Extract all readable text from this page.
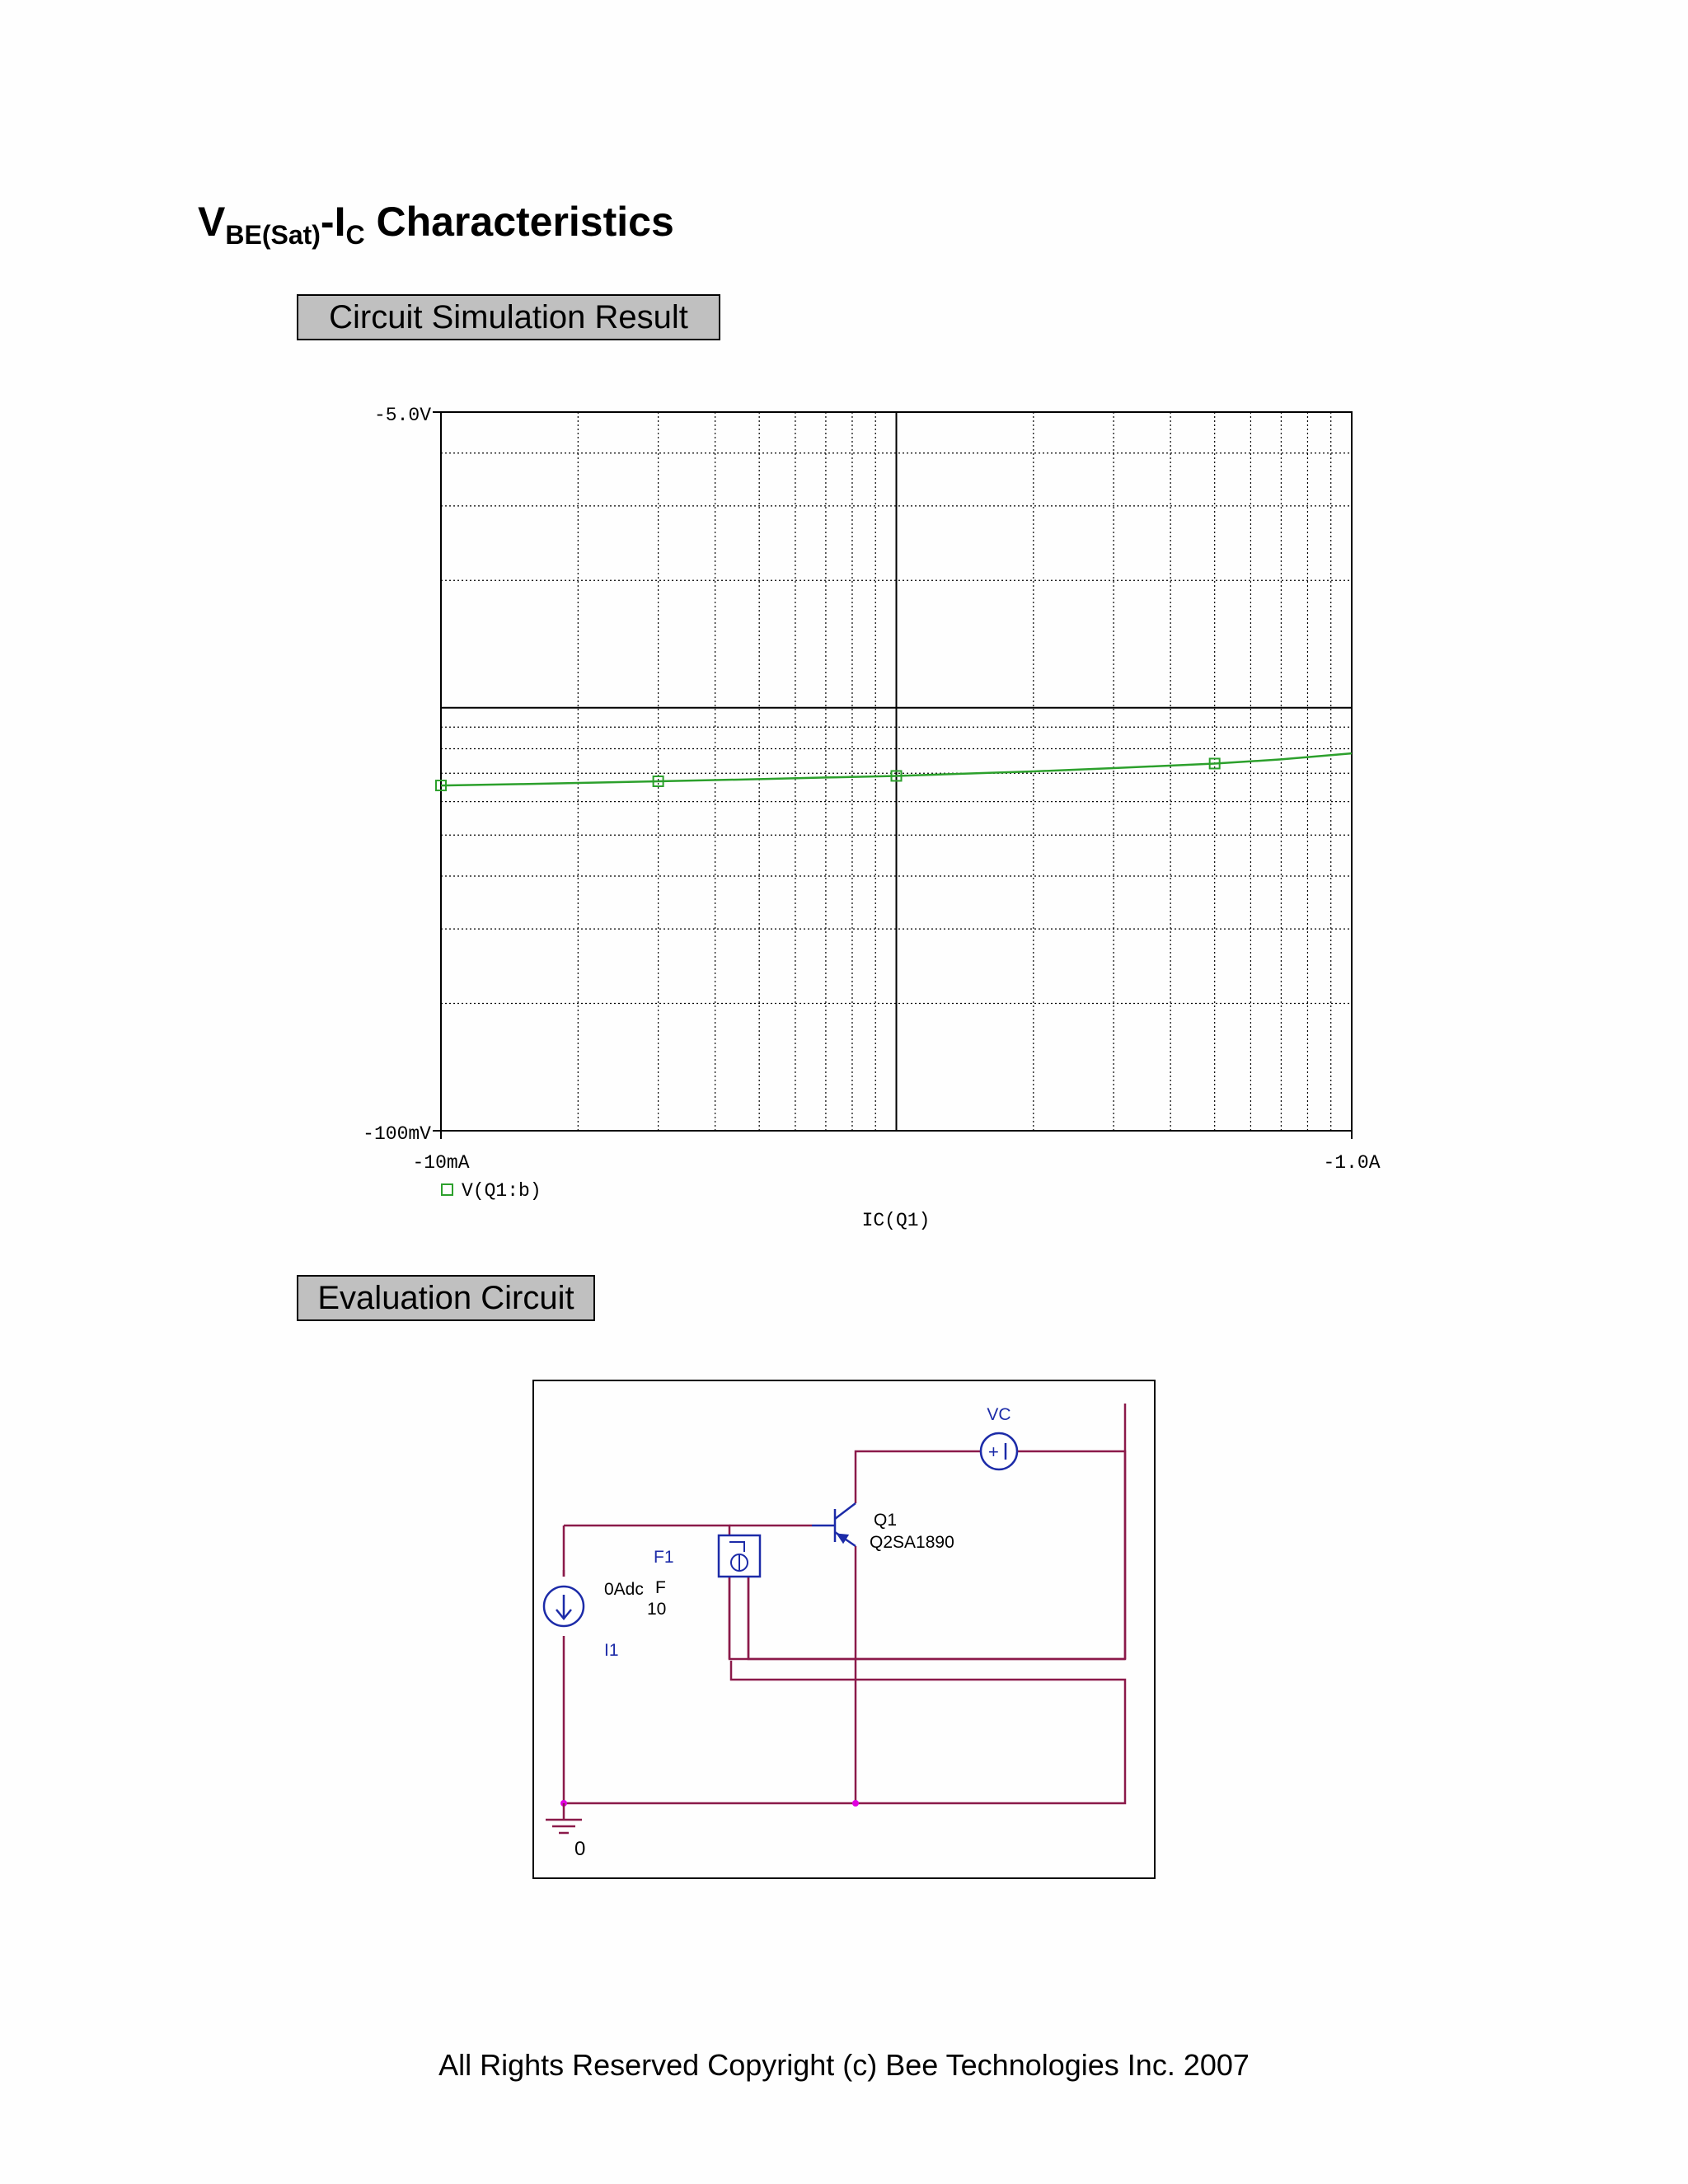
$V_{BE(Sat)}-I_C$ Characteristics
Circuit Simulation Result
-5.0V
-100mV
-10mA	-1.0A
V(Q1:b)
IC(Q1)
Evaluation Circuit
+
VC
Q1
Q2SA1890
F1
F
10
I1
0Adc
0
All Rights Reserved Copyright (c) Bee Technologies Inc. 2007
